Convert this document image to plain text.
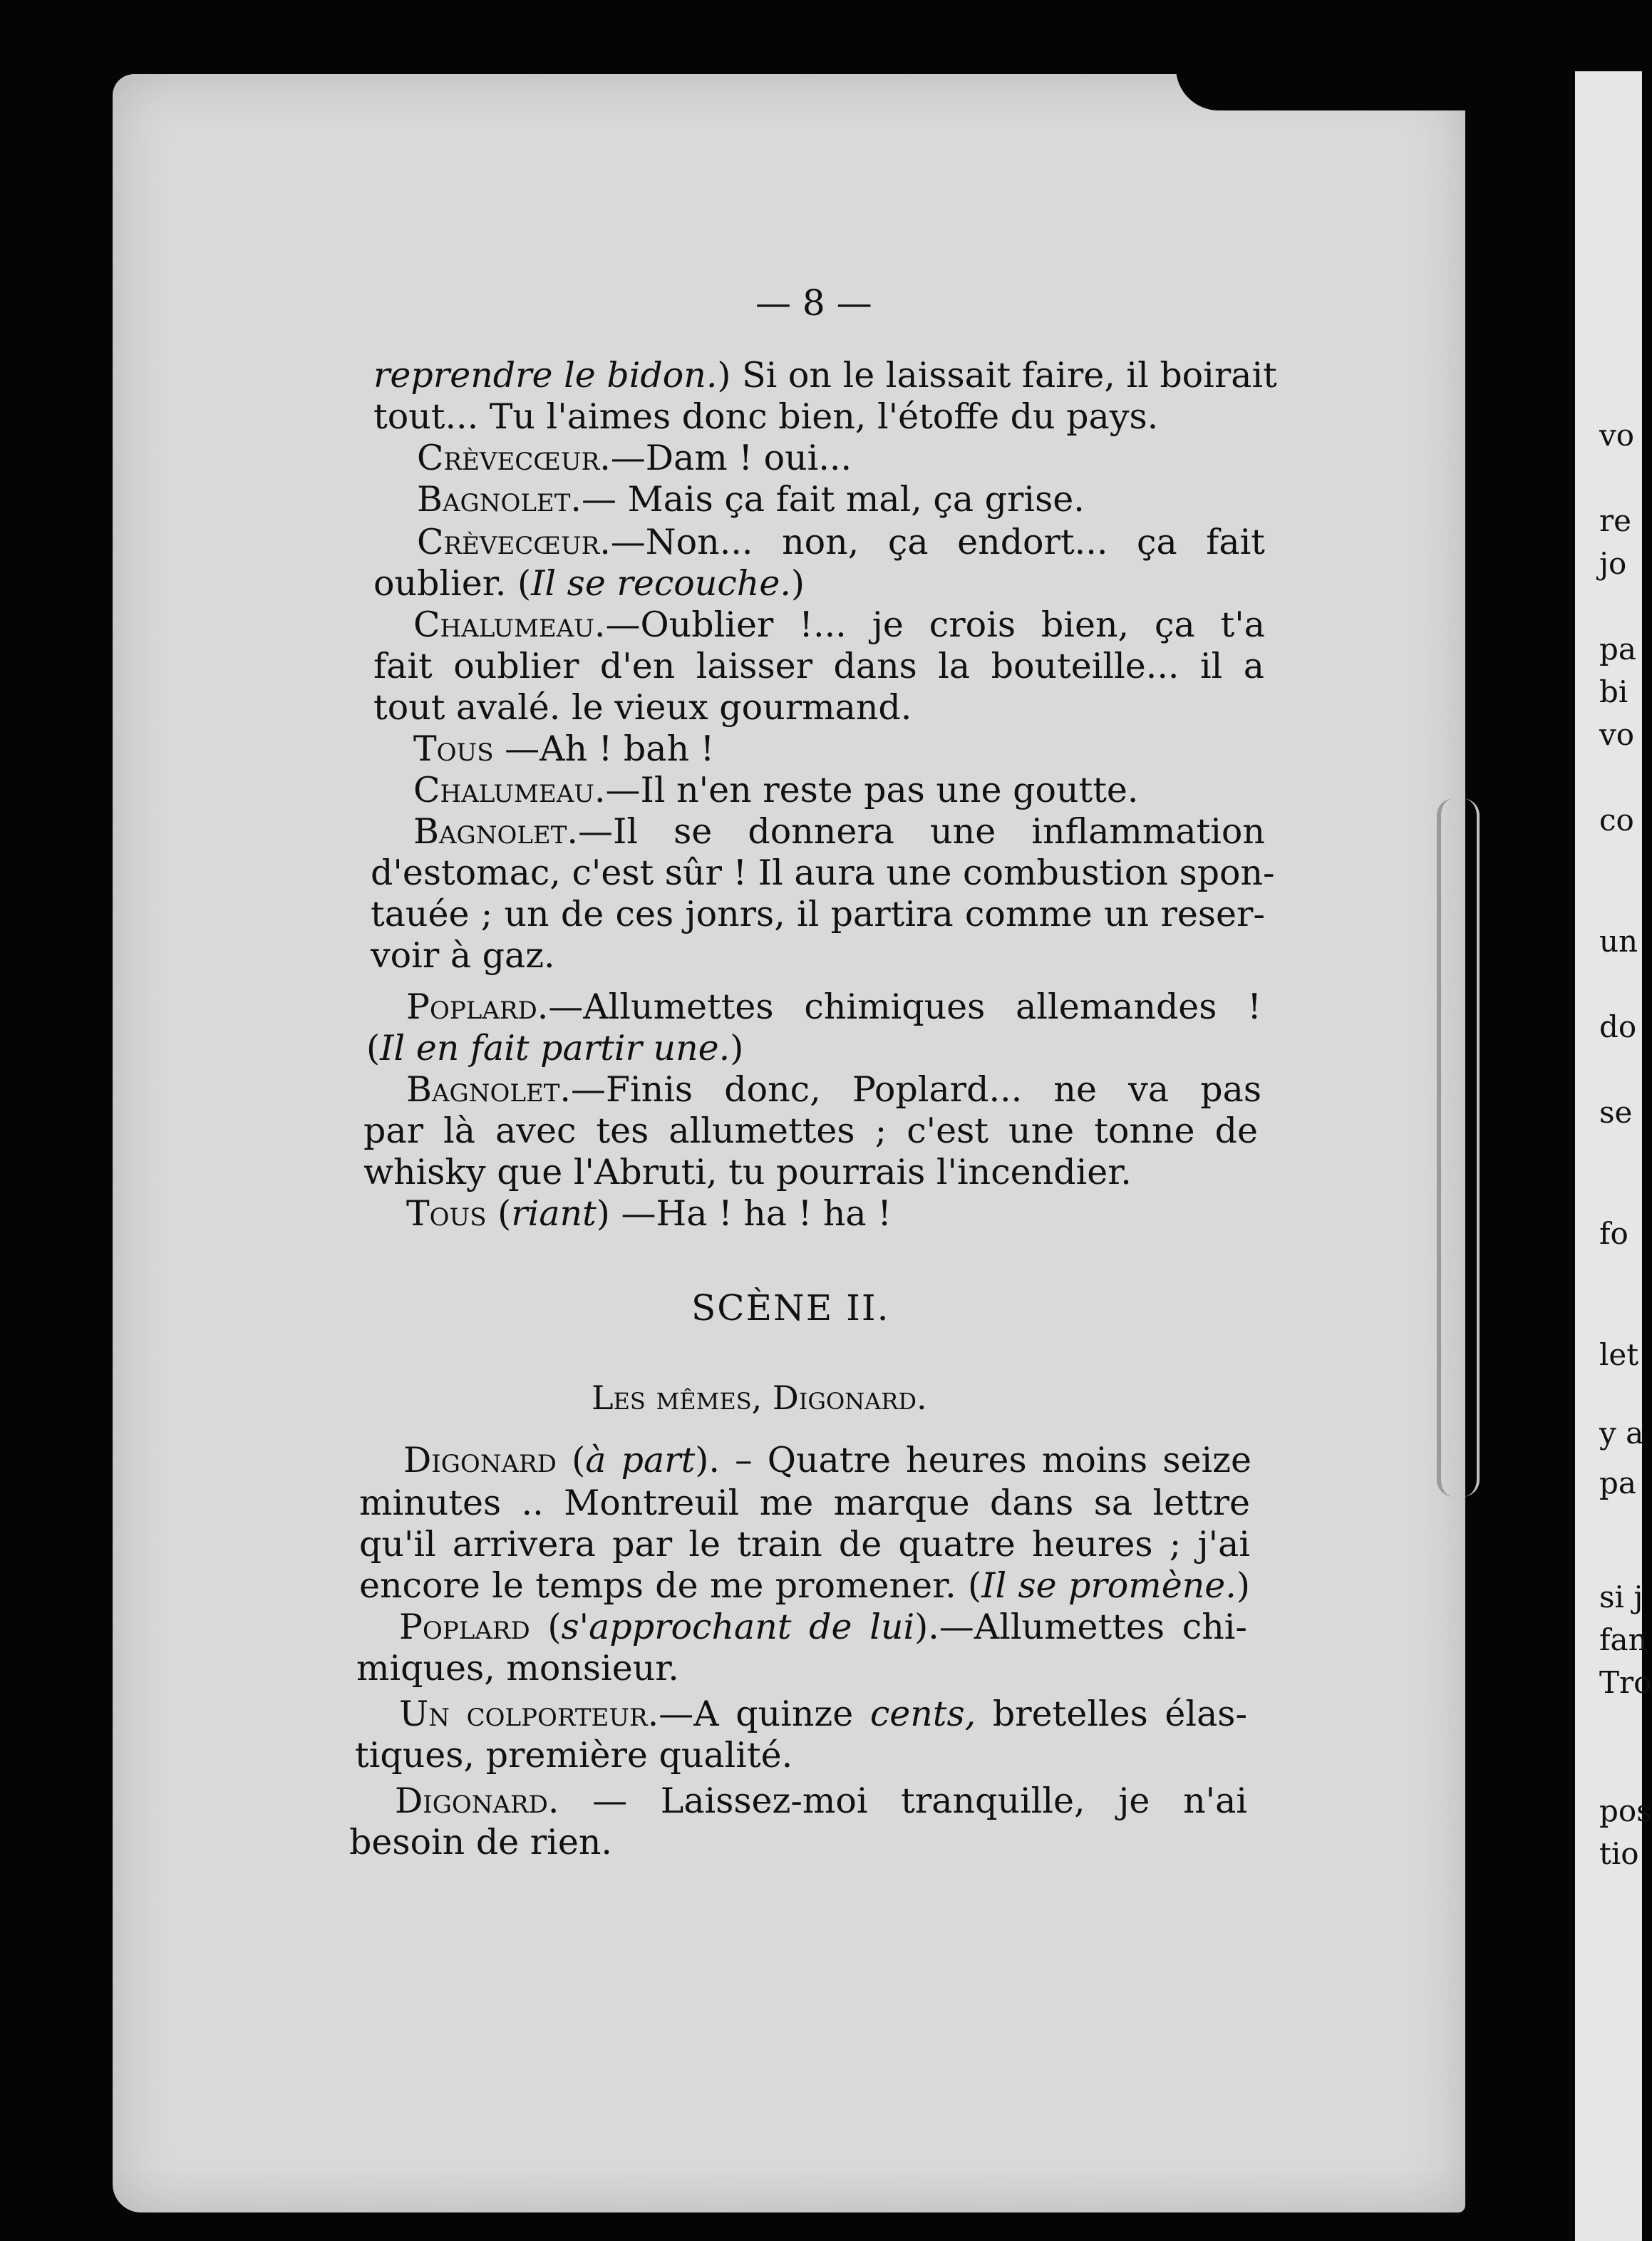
vo
re
jo
pa
bi
vo
co
un
do
se
fo
let
y a
pa
si j
fan
Tro
pos
tio
— 8 —
reprendre le bidon.) Si on le laissait faire, il boirait
tout... Tu l'aimes donc bien, l'étoffe du pays.
Crèvecœur.—Dam ! oui...
Bagnolet.— Mais ça fait mal, ça grise.
Crèvecœur.—Non... non, ça endort... ça fait
oublier. (Il se recouche.)
Chalumeau.—Oublier !... je crois bien, ça t'a
fait oublier d'en laisser dans la bouteille... il a
tout avalé. le vieux gourmand.
Tous —Ah ! bah !
Chalumeau.—Il n'en reste pas une goutte.
Bagnolet.—Il se donnera une inflammation
d'estomac, c'est sûr ! Il aura une combustion spon-
tauée ; un de ces jonrs, il partira comme un reser-
voir à gaz.
Poplard.—Allumettes chimiques allemandes !
(Il en fait partir une.)
Bagnolet.—Finis donc, Poplard... ne va pas
par là avec tes allumettes ; c'est une tonne de
whisky que l'Abruti, tu pourrais l'incendier.
Tous (riant) —Ha ! ha ! ha !
SCÈNE II.
Les mêmes, Digonard.
Digonard (à part). – Quatre heures moins seize
minutes .. Montreuil me marque dans sa lettre
qu'il arrivera par le train de quatre heures ; j'ai
encore le temps de me promener. (Il se promène.)
Poplard (s'approchant de lui).—Allumettes chi-
miques, monsieur.
Un colporteur.—A quinze cents, bretelles élas-
tiques, première qualité.
Digonard. — Laissez-moi tranquille, je n'ai
besoin de rien.
